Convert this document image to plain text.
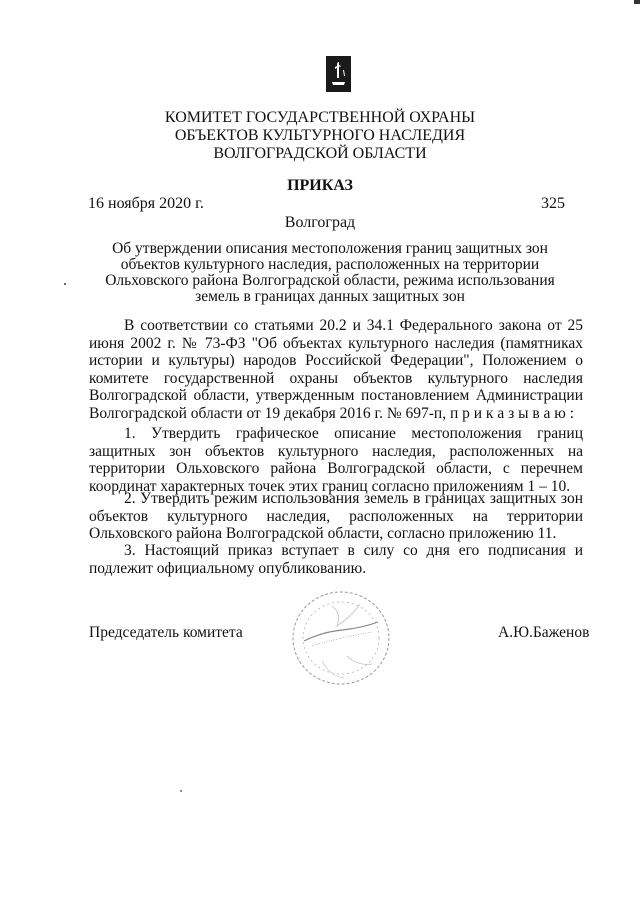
КОМИТЕТ ГОСУДАРСТВЕННОЙ ОХРАНЫ
ОБЪЕКТОВ КУЛЬТУРНОГО НАСЛЕДИЯ
ВОЛГОГРАДСКОЙ ОБЛАСТИ
ПРИКАЗ
16 ноября 2020 г.	325
Волгоград
Об утверждении описания местоположения границ защитных зон объектов культурного наследия, расположенных на территории Ольховского района Волгоградской области, режима использования земель в границах данных защитных зон
В соответствии со статьями 20.2 и 34.1 Федерального закона от 25 июня 2002 г. № 73-ФЗ "Об объектах культурного наследия (памятниках истории и культуры) народов Российской Федерации", Положением о комитете государственной охраны объектов культурного наследия Волгоградской области, утвержденным постановлением Администрации Волгоградской области от 19 декабря 2016 г. № 697-п, п р и к а з ы в а ю :
1. Утвердить графическое описание местоположения границ защитных зон объектов культурного наследия, расположенных на территории Ольховского района Волгоградской области, с перечнем координат характерных точек этих границ согласно приложениям 1 – 10.
2. Утвердить режим использования земель в границах защитных зон объектов культурного наследия, расположенных на территории Ольховского района Волгоградской области, согласно приложению 11.
3. Настоящий приказ вступает в силу со дня его подписания и подлежит официальному опубликованию.
Председатель комитета	А.Ю.Баженов
